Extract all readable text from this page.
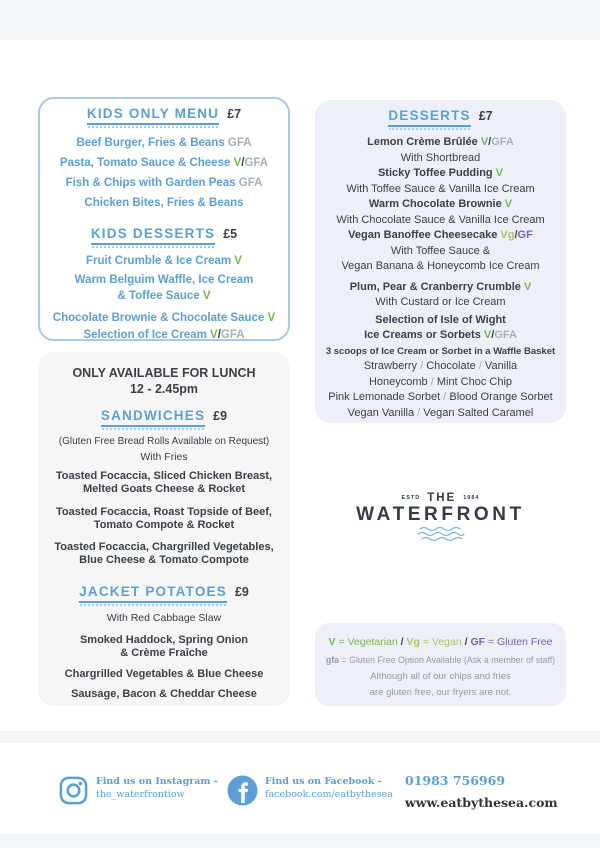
KIDS ONLY MENU £7
Beef Burger, Fries & Beans GFA
Pasta, Tomato Sauce & Cheese V / GFA
Fish & Chips with Garden Peas GFA
Chicken Bites, Fries & Beans
KIDS DESSERTS £5
Fruit Crumble & Ice Cream V
Warm Belguim Waffle, Ice Cream
& Toffee Sauce V
Chocolate Brownie & Chocolate Sauce V
Selection of Ice Cream V / GFA
ONLY AVAILABLE FOR LUNCH
12 - 2.45pm
SANDWICHES £9
(Gluten Free Bread Rolls Available on Request)
With Fries
Toasted Focaccia, Sliced Chicken Breast,
Melted Goats Cheese & Rocket
Toasted Focaccia, Roast Topside of Beef,
Tomato Compote & Rocket
Toasted Focaccia, Chargrilled Vegetables,
Blue Cheese & Tomato Compote
JACKET POTATOES £9
With Red Cabbage Slaw
Smoked Haddock, Spring Onion
& Crème Fraîche
Chargrilled Vegetables & Blue Cheese
Sausage, Bacon & Cheddar Cheese
DESSERTS £7
Lemon Crème Brûlée V / GFA
With Shortbread
Sticky Toffee Pudding V
With Toffee Sauce & Vanilla Ice Cream
Warm Chocolate Brownie V
With Chocolate Sauce & Vanilla Ice Cream
Vegan Banoffee Cheesecake Vg / GF
With Toffee Sauce &
Vegan Banana & Honeycomb Ice Cream
Plum, Pear & Cranberry Crumble V
With Custard or Ice Cream
Selection of Isle of Wight
Ice Creams or Sorbets V / GFA
3 scoops of Ice Cream or Sorbet in a Waffle Basket
Strawberry / Chocolate / Vanilla
Honeycomb / Mint Choc Chip
Pink Lemonade Sorbet / Blood Orange Sorbet
Vegan Vanilla / Vegan Salted Caramel
ESTD THE 1984
WATERFRONT
V = Vegetarian / Vg = Vegan / GF = Gluten Free
gfa = Gluten Free Option Available (Ask a member of staff)
Although all of our chips and fries
are gluten free, our fryers are not.
Find us on Instagram -
the_waterfrontiow
Find us on Facebook -
facebook.com/eatbythesea
01983 756969
www.eatbythesea.com
